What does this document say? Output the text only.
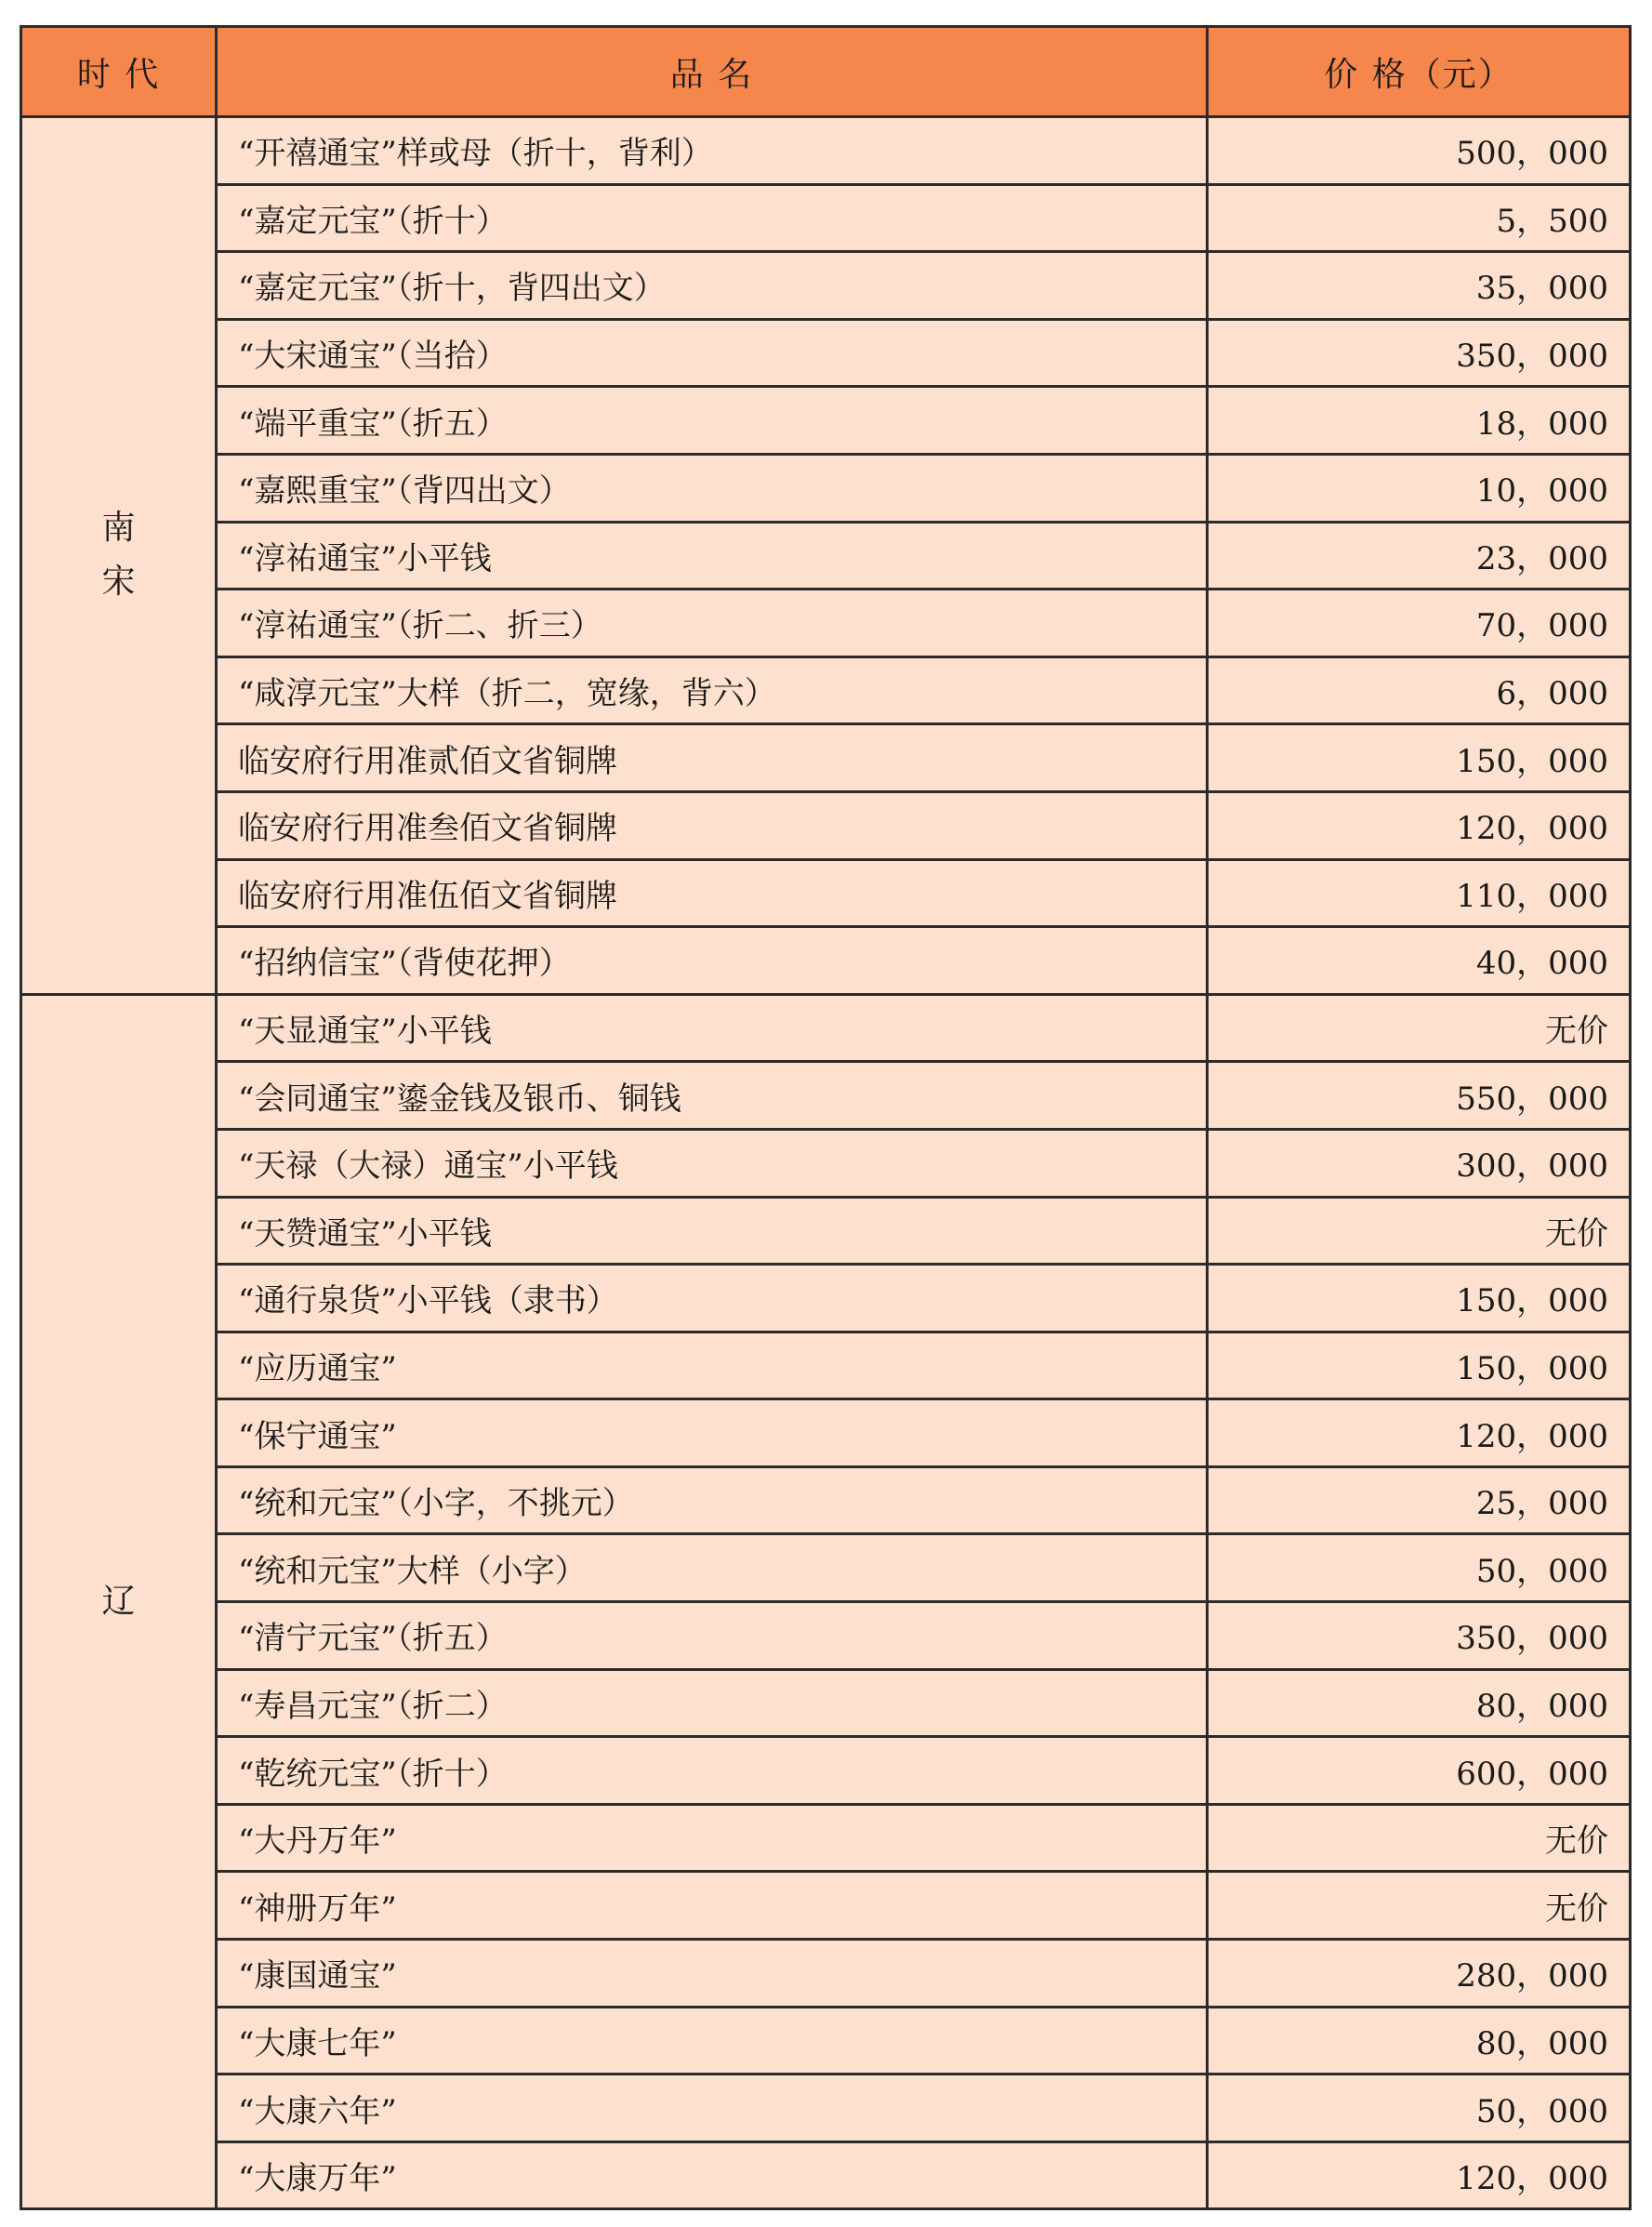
时 代	品 名	价 格（元）
南宋	“开禧通宝”样或母（折十，背利）	500，000
	“嘉定元宝”（折十）	5，500
	“嘉定元宝”（折十，背四出文）	35，000
	“大宋通宝”（当拾）	350，000
	“端平重宝”（折五）	18，000
	“嘉熙重宝”（背四出文）	10，000
	“淳祐通宝”小平钱	23，000
	“淳祐通宝”（折二、折三）	70，000
	“咸淳元宝”大样（折二，宽缘，背六）	6，000
	临安府行用准贰佰文省铜牌	150，000
	临安府行用准叁佰文省铜牌	120，000
	临安府行用准伍佰文省铜牌	110，000
	“招纳信宝”（背使花押）	40，000
辽	“天显通宝”小平钱	无价
	“会同通宝”鎏金钱及银币、铜钱	550，000
	“天禄（大禄）通宝”小平钱	300，000
	“天赞通宝”小平钱	无价
	“通行泉货”小平钱（隶书）	150，000
	“应历通宝”	150，000
	“保宁通宝”	120，000
	“统和元宝”（小字，不挑元）	25，000
	“统和元宝”大样（小字）	50，000
	“清宁元宝”（折五）	350，000
	“寿昌元宝”（折二）	80，000
	“乾统元宝”（折十）	600，000
	“大丹万年”	无价
	“神册万年”	无价
	“康国通宝”	280，000
	“大康七年”	80，000
	“大康六年”	50，000
	“大康万年”	120，000
